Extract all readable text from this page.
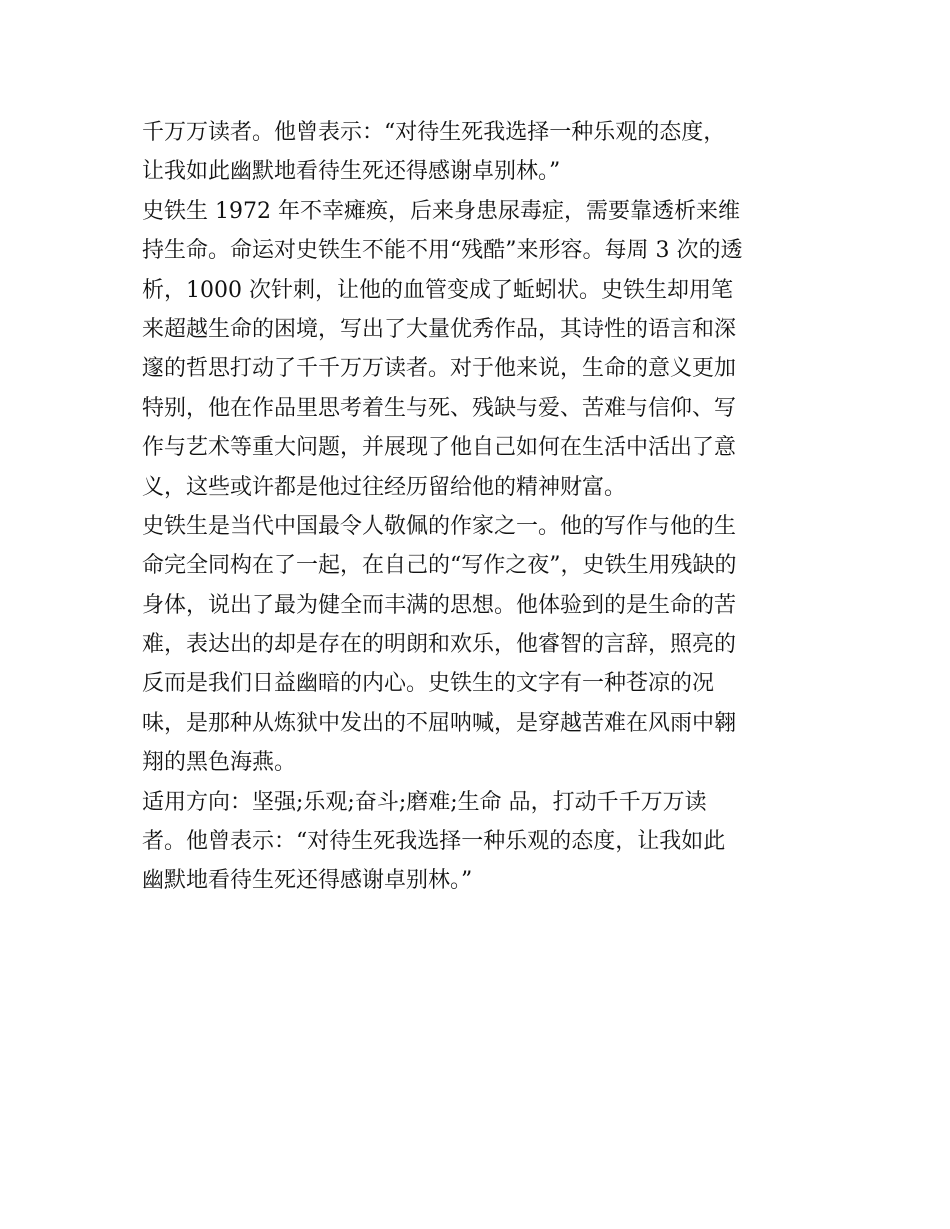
千万万读者。他曾表示：“对待生死我选择一种乐观的态度，
让我如此幽默地看待生死还得感谢卓别林。”
史铁生 1972 年不幸瘫痪，后来身患尿毒症，需要靠透析来维
持生命。命运对史铁生不能不用“残酷”来形容。每周 3 次的透
析，1000 次针刺，让他的血管变成了蚯蚓状。史铁生却用笔
来超越生命的困境，写出了大量优秀作品，其诗性的语言和深
邃的哲思打动了千千万万读者。对于他来说，生命的意义更加
特别，他在作品里思考着生与死、残缺与爱、苦难与信仰、写
作与艺术等重大问题，并展现了他自己如何在生活中活出了意
义，这些或许都是他过往经历留给他的精神财富。
史铁生是当代中国最令人敬佩的作家之一。他的写作与他的生
命完全同构在了一起，在自己的“写作之夜”，史铁生用残缺的
身体，说出了最为健全而丰满的思想。他体验到的是生命的苦
难，表达出的却是存在的明朗和欢乐，他睿智的言辞，照亮的
反而是我们日益幽暗的内心。史铁生的文字有一种苍凉的况
味，是那种从炼狱中发出的不屈呐喊，是穿越苦难在风雨中翱
翔的黑色海燕。
适用方向：坚强;乐观;奋斗;磨难;生命 品，打动千千万万读
者。他曾表示：“对待生死我选择一种乐观的态度，让我如此
幽默地看待生死还得感谢卓别林。”
